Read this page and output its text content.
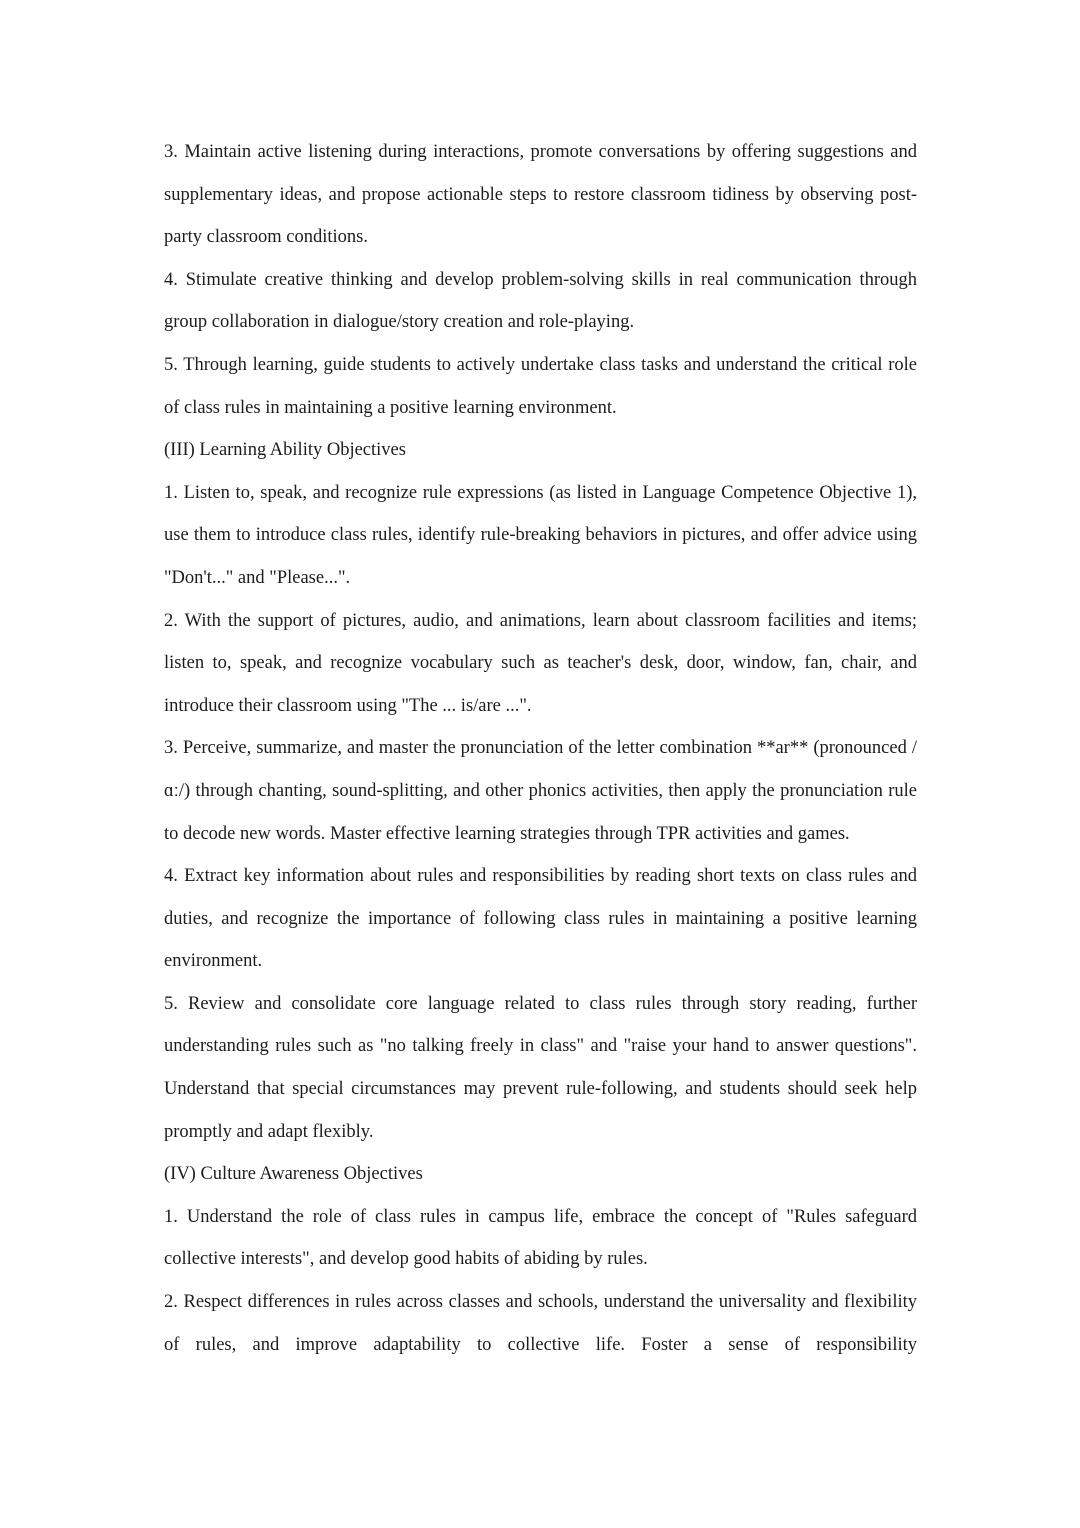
3. Maintain active listening during interactions, promote conversations by offering suggestions and supplementary ideas, and propose actionable steps to restore classroom tidiness by observing post-party classroom conditions.

4. Stimulate creative thinking and develop problem-solving skills in real communication through group collaboration in dialogue/story creation and role-playing.

5. Through learning, guide students to actively undertake class tasks and understand the critical role of class rules in maintaining a positive learning environment.

(III) Learning Ability Objectives

1. Listen to, speak, and recognize rule expressions (as listed in Language Competence Objective 1), use them to introduce class rules, identify rule-breaking behaviors in pictures, and offer advice using "Don't..." and "Please...".

2. With the support of pictures, audio, and animations, learn about classroom facilities and items; listen to, speak, and recognize vocabulary such as teacher's desk, door, window, fan, chair, and introduce their classroom using "The ... is/are ...".

3. Perceive, summarize, and master the pronunciation of the letter combination **ar** (pronounced /ɑː/) through chanting, sound-splitting, and other phonics activities, then apply the pronunciation rule to decode new words. Master effective learning strategies through TPR activities and games.

4. Extract key information about rules and responsibilities by reading short texts on class rules and duties, and recognize the importance of following class rules in maintaining a positive learning environment.

5. Review and consolidate core language related to class rules through story reading, further understanding rules such as "no talking freely in class" and "raise your hand to answer questions". Understand that special circumstances may prevent rule-following, and students should seek help promptly and adapt flexibly.

(IV) Culture Awareness Objectives

1. Understand the role of class rules in campus life, embrace the concept of "Rules safeguard collective interests", and develop good habits of abiding by rules.

2. Respect differences in rules across classes and schools, understand the universality and flexibility of rules, and improve adaptability to collective life. Foster a sense of responsibility
